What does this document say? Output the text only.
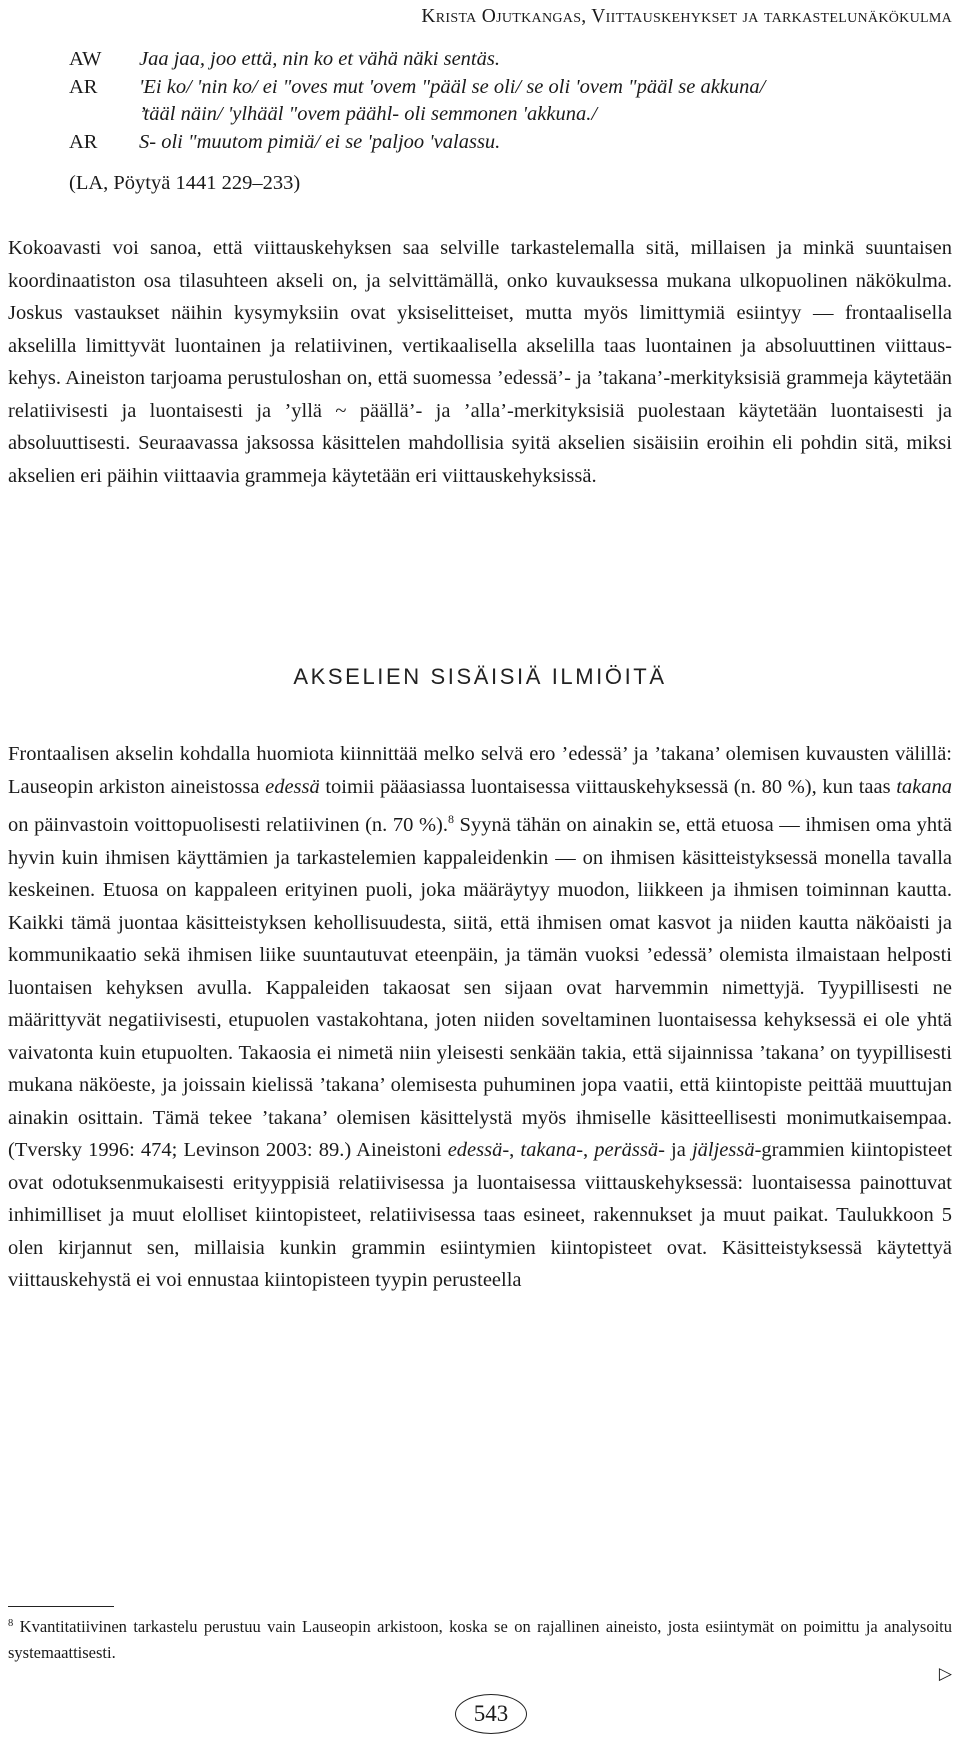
Krista Ojutkangas, Viittauskehykset ja tarkastelunäkökulma
AW Jaa jaa, joo että, nin ko et vähä näki sentäs.
AR 'Ei ko/ 'nin ko/ ei "oves mut 'ovem "pääl se oli/ se oli 'ovem "pääl se akkuna/
’tääl näin/ 'ylhääl "ovem päähl- oli semmonen 'akkuna./
AR S- oli "muutom pimiä/ ei se 'paljoo 'valassu.
(LA, Pöytyä 1441 229–233)

Kokoavasti voi sanoa, että viittauskehyksen saa selville tarkastelemalla sitä, millaisen ja minkä suuntaisen koordinaatiston osa tilasuhteen akseli on, ja selvittämällä, onko kuvauksessa mukana ulkopuolinen näkökulma. Joskus vastaukset näihin kysymyksiin ovat yksiselitteiset, mutta myös limittymiä esiintyy — frontaalisella akselilla limittyvät luontainen ja relatiivinen, vertikaalisella akselilla taas luontainen ja absoluuttinen viittauskehys. Aineiston tarjoama perustuloshan on, että suomessa ’edessä’- ja ’takana’-merkityksisiä grammeja käytetään relatiivisesti ja luontaisesti ja ’yllä ~ päällä’- ja ’alla’-merkityksisiä puolestaan käytetään luontaisesti ja absoluuttisesti. Seuraavassa jaksossa käsittelen mahdollisia syitä akselien sisäisiin eroihin eli pohdin sitä, miksi akselien eri päihin viittaavia grammeja käytetään eri viittauskehyksissä.

AKSELIEN SISÄISIÄ ILMIÖITÄ

Frontaalisen akselin kohdalla huomiota kiinnittää melko selvä ero ’edessä’ ja ’takana’ olemisen kuvausten välillä: Lauseopin arkiston aineistossa edessä toimii pääasiassa luontaisessa viittauskehyksessä (n. 80 %), kun taas takana on päinvastoin voittopuolisesti relatiivinen (n. 70 %).$^8$ Syynä tähän on ainakin se, että etuosa — ihmisen oma yhtä hyvin kuin ihmisen käyttämien ja tarkastelemien kappaleidenkin — on ihmisen käsitteistyksessä monella tavalla keskeinen. Etuosa on kappaleen erityinen puoli, joka määräytyy muodon, liikkeen ja ihmisen toiminnan kautta. Kaikki tämä juontaa käsitteistyksen kehollisuudesta, siitä, että ihmisen omat kasvot ja niiden kautta näköaisti ja kommunikaatio sekä ihmisen liike suuntautuvat eteenpäin, ja tämän vuoksi ’edessä’ olemista ilmaistaan helposti luontaisen kehyksen avulla. Kappaleiden takaosat sen sijaan ovat harvemmin nimettyjä. Tyypillisesti ne määrittyvät negatiivisesti, etupuolen vastakohtana, joten niiden soveltaminen luontaisessa kehyksessä ei ole yhtä vaivatonta kuin etupuolten. Takaosia ei nimetä niin yleisesti senkään takia, että sijainnissa ’takana’ on tyypillisesti mukana näköeste, ja joissain kielissä ’takana’ olemisesta puhuminen jopa vaatii, että kiintopiste peittää muuttujan ainakin osittain. Tämä tekee ’takana’ olemisen käsittelystä myös ihmiselle käsitteellisesti monimutkaisempaa. (Tversky 1996: 474; Levinson 2003: 89.) Aineistoni edessä-, takana-, perässä- ja jäljessä-grammien kiintopisteet ovat odotuksenmukaisesti erityyppisiä relatiivisessa ja luontaisessa viittauskehyksessä: luontaisessa painottuvat inhimilliset ja muut elolliset kiintopisteet, relatiivisessa taas esineet, rakennukset ja muut paikat. Taulukkoon 5 olen kirjannut sen, millaisia kunkin grammin esiintymien kiintopisteet ovat. Käsitteistyksessä käytettyä viittauskehystä ei voi ennustaa kiintopisteen tyypin perusteella

$^8$ Kvantitatiivinen tarkastelu perustuu vain Lauseopin arkistoon, koska se on rajallinen aineisto, josta esiintymät on poimittu ja analysoitu systemaattisesti.

▷
543
